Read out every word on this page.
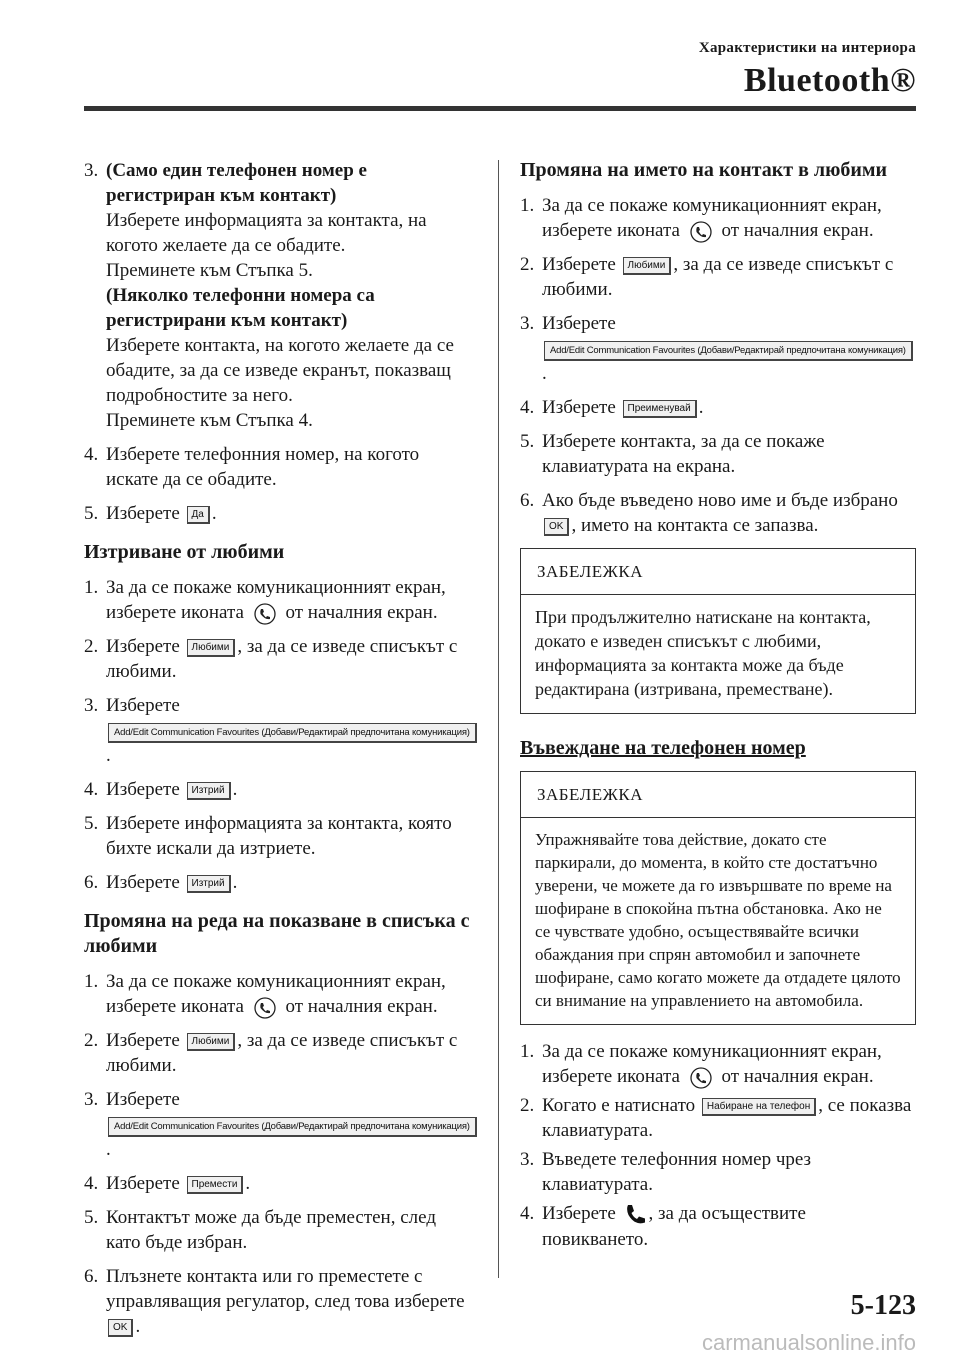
Характеристики на интериора
Bluetooth®
3. (Само един телефонен номер е регистриран към контакт)

Изберете информацията за контакта, на когото желаете да се обадите.

Преминете към Стъпка 5.

(Няколко телефонни номера са регистрирани към контакт)

Изберете контакта, на когото желаете да се обадите, за да се изведе екранът, показващ подробностите за него.

Преминете към Стъпка 4.

4. Изберете телефонния номер, на когото искате да се обадите.

5. Изберете Да .
Изтриване от любими
1. За да се покаже комуникационният екран, изберете иконата от началния екран.
2. Изберете Любими , за да се изведе списъкът с любими.
3. Изберете
Add/Edit Communication Favourites (Добави/Редактирай предпочитана комуникация).
4. Изберете Изтрий .
5. Изберете информацията за контакта, която бихте искали да изтриете.

6. Изберете Изтрий .
Промяна на реда на показване в списъка с любими
1. За да се покаже комуникационният екран, изберете иконата от началния екран.
2. Изберете Любими , за да се изведе списъкът с любими.
3. Изберете
Add/Edit Communication Favourites (Добави/Редактирай предпочитана комуникация).
4. Изберете Премести .
5. Контактът може да бъде преместен, след като бъде избран.

6. Плъзнете контакта или го преместете с управляващия регулатор, след това изберете OK .
Промяна на името на контакт в любими
1. За да се покаже комуникационният екран, изберете иконата от началния екран.
2. Изберете Любими , за да се изведе списъкът с любими.
3. Изберете
Add/Edit Communication Favourites (Добави/Редактирай предпочитана комуникация).
4. Изберете Преименувай .
5. Изберете контакта, за да се покаже клавиатурата на екрана.

6. Ако бъде въведено ново име и бъде избрано OK , името на контакта се запазва.
ЗАБЕЛЕЖКА
При продължително натискане на контакта, докато е изведен списъкът с любими, информацията за контакта може да бъде редактирана (изтривана, преместване).
Въвеждане на телефонен номер
ЗАБЕЛЕЖКА
Упражнявайте това действие, докато сте паркирали, до момента, в който сте достатъчно уверени, че можете да го извършвате по време на шофиране в спокойна пътна обстановка. Ако не се чувствате удобно, осъществявайте всички обаждания при спрян автомобил и започнете шофиране, само когато можете да отдадете цялото си внимание на управлението на автомобила.
1. За да се покаже комуникационният екран, изберете иконата от началния екран.
2. Когато е натиснато Набиране на телефон , се показва клавиатурата.
3. Въведете телефонния номер чрез клавиатурата.

4. Изберете , за да осъществите повикването.
5-123
carmanualsonline.info
